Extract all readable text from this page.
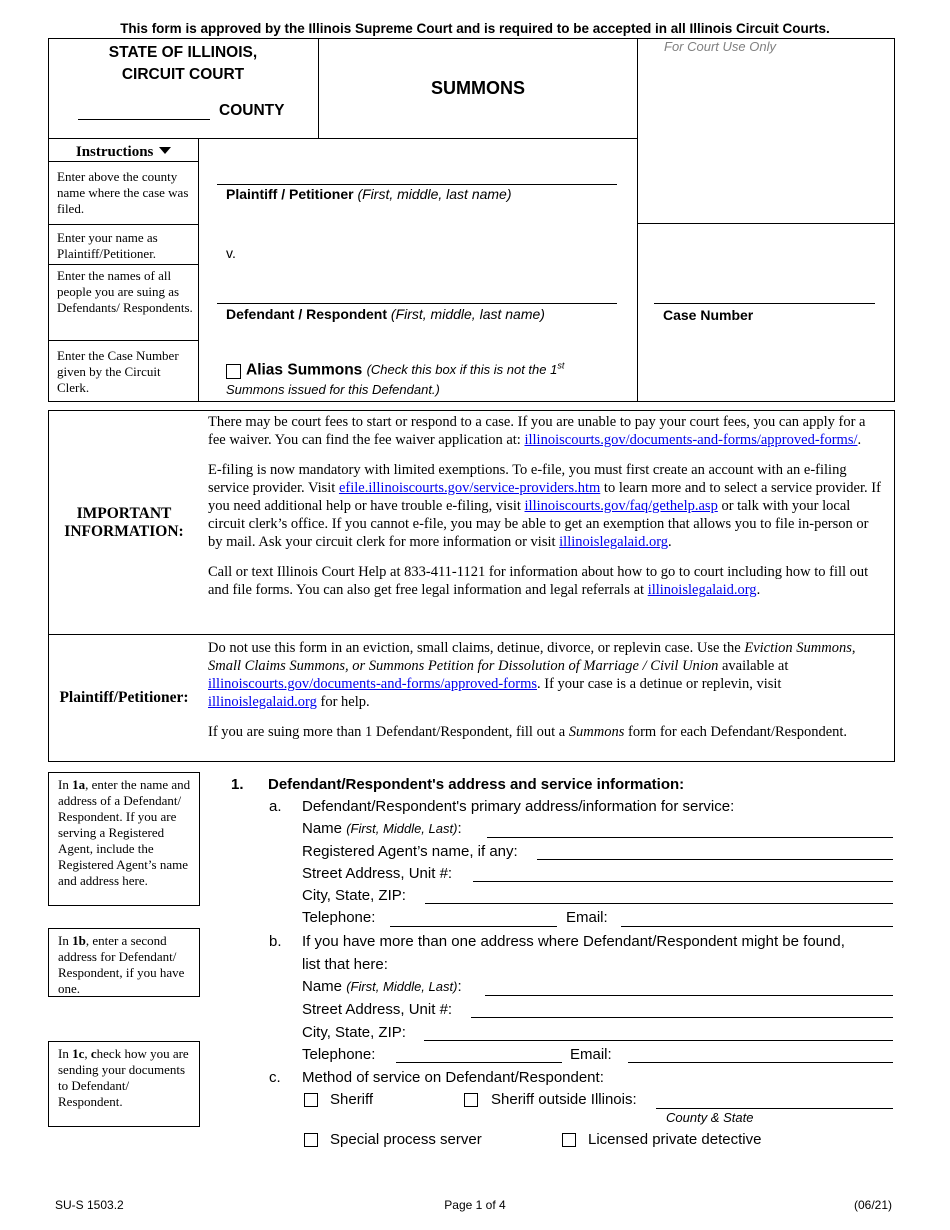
This form is approved by the Illinois Supreme Court and is required to be accepted in all Illinois Circuit Courts.
STATE OF ILLINOIS,
CIRCUIT COURT
COUNTY
SUMMONS
For Court Use Only
Instructions
Enter above the county name where the case was filed.
Enter your name as Plaintiff/Petitioner.
Enter the names of all people you are suing as Defendants/ Respondents.
Enter the Case Number given by the Circuit Clerk.
Plaintiff / Petitioner (First, middle, last name)
v.
Defendant / Respondent (First, middle, last name)
Alias Summons (Check this box if this is not the 1st
Summons issued for this Defendant.)
Case Number
IMPORTANT
INFORMATION:

There may be court fees to start or respond to a case. If you are unable to pay your court fees, you can apply for a fee waiver. You can find the fee waiver application at: illinoiscourts.gov/documents-and-forms/approved-forms/.

E-filing is now mandatory with limited exemptions. To e-file, you must first create an account with an e-filing service provider. Visit efile.illinoiscourts.gov/service-providers.htm to learn more and to select a service provider. If you need additional help or have trouble e-filing, visit illinoiscourts.gov/faq/gethelp.asp or talk with your local circuit clerk’s office. If you cannot e-file, you may be able to get an exemption that allows you to file in-person or by mail. Ask your circuit clerk for more information or visit illinoislegalaid.org.

Call or text Illinois Court Help at 833-411-1121 for information about how to go to court including how to fill out and file forms. You can also get free legal information and legal referrals at illinoislegalaid.org.

Plaintiff/Petitioner:

Do not use this form in an eviction, small claims, detinue, divorce, or replevin case. Use the Eviction Summons, Small Claims Summons, or Summons Petition for Dissolution of Marriage / Civil Union available at illinoiscourts.gov/documents-and-forms/approved-forms. If your case is a detinue or replevin, visit illinoislegalaid.org for help.

If you are suing more than 1 Defendant/Respondent, fill out a Summons form for each Defendant/Respondent.

In 1a, enter the name and address of a Defendant/ Respondent. If you are serving a Registered Agent, include the Registered Agent’s name and address here.
In 1b, enter a second address for Defendant/ Respondent, if you have one.
In 1c, check how you are sending your documents to Defendant/ Respondent.
1. Defendant/Respondent's address and service information:
a. Defendant/Respondent's primary address/information for service:
Name (First, Middle, Last):
Registered Agent’s name, if any:
Street Address, Unit #:
City, State, ZIP:
Telephone:	Email:
b. If you have more than one address where Defendant/Respondent might be found,
list that here:
Name (First, Middle, Last):
Street Address, Unit #:
City, State, ZIP:
Telephone:	Email:
c. Method of service on Defendant/Respondent:
Sheriff	Sheriff outside Illinois:
County & State
Special process server	Licensed private detective
SU-S 1503.2	Page 1 of 4	(06/21)
